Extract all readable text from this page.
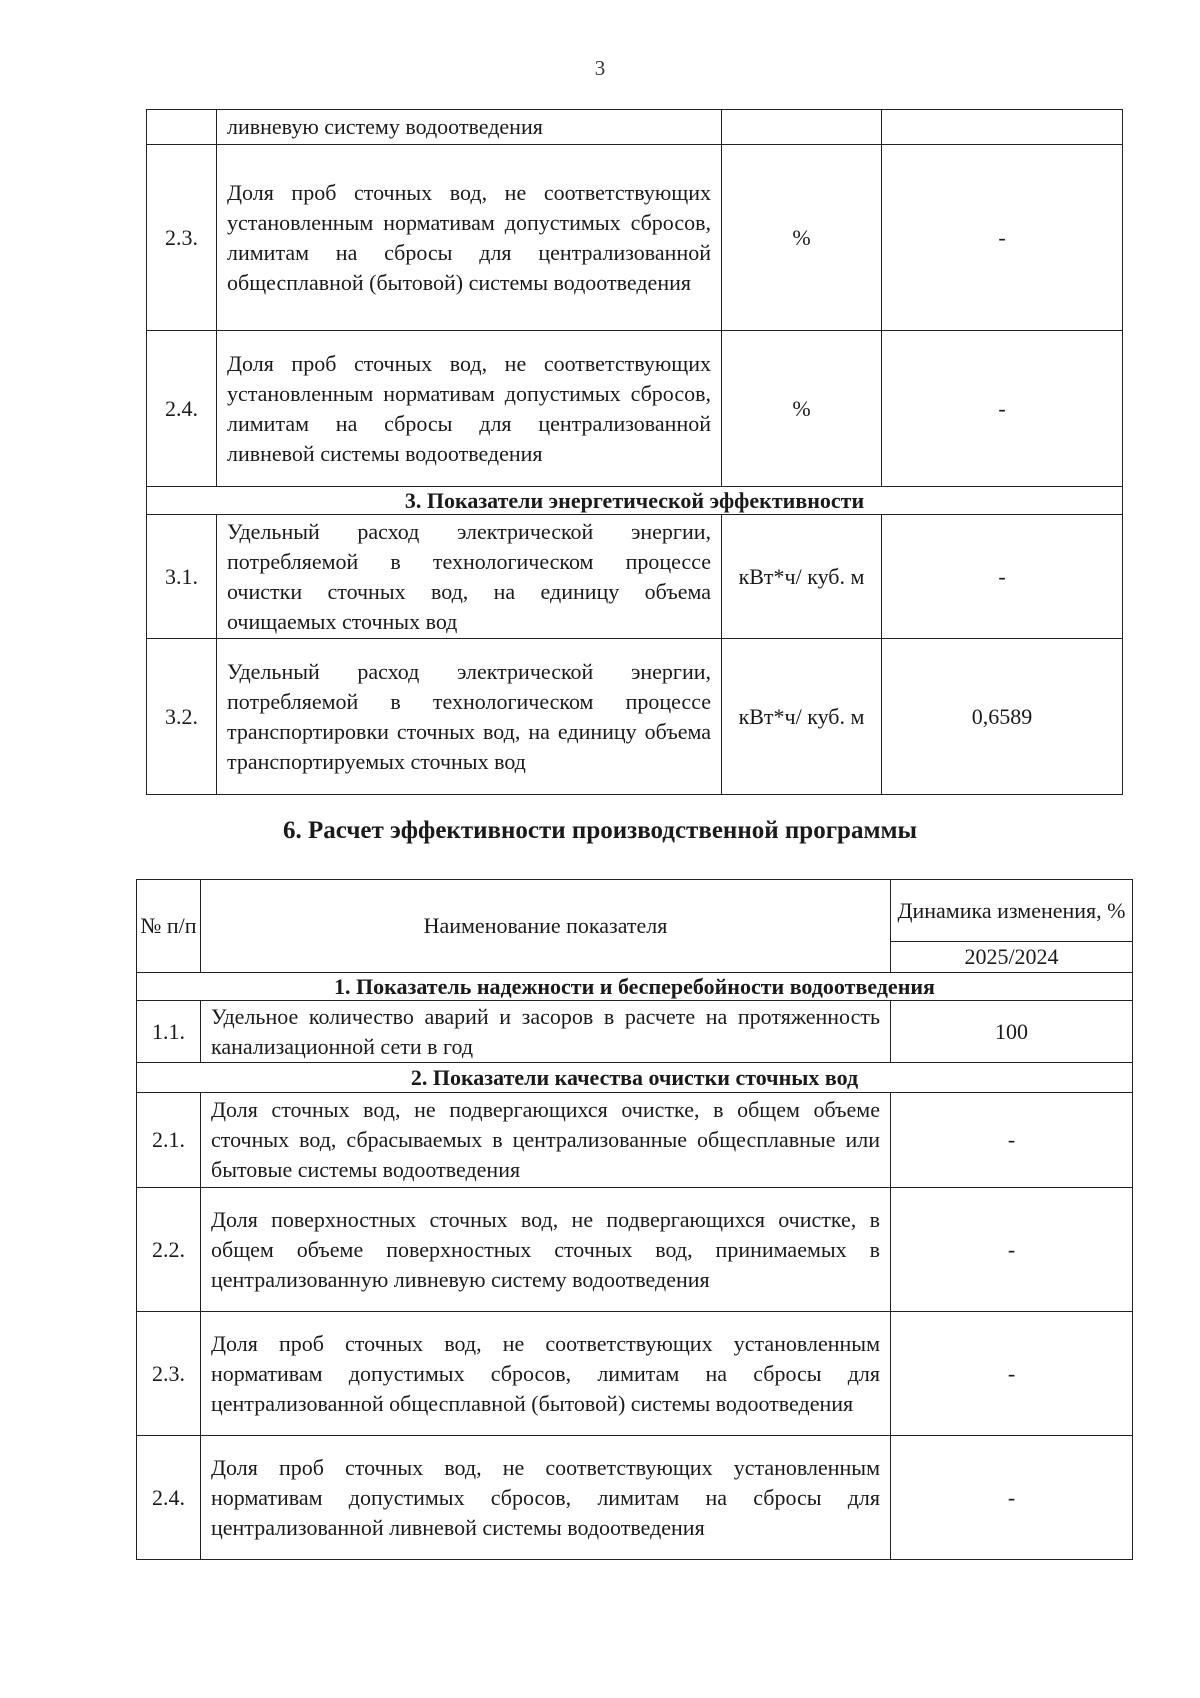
3
	ливневую систему водоотведения		
2.3.	Доля проб сточных вод, не соответствующих установленным нормативам допустимых сбросов, лимитам на сбросы для централизованной общесплавной (бытовой) системы водоотведения	%	-
2.4.	Доля проб сточных вод, не соответствующих установленным нормативам допустимых сбросов, лимитам на сбросы для централизованной ливневой системы водоотведения	%	-
3. Показатели энергетической эффективности			
3.1.	Удельный расход электрической энергии, потребляемой в технологическом процессе очистки сточных вод, на единицу объема очищаемых сточных вод	кВт*ч/ куб. м	-
3.2.	Удельный расход электрической энергии, потребляемой в технологическом процессе транспортировки сточных вод, на единицу объема транспортируемых сточных вод	кВт*ч/ куб. м	0,6589
6. Расчет эффективности производственной программы
№ п/п	Наименование показателя	Динамика изменения, %
		2025/2024
1. Показатель надежности и бесперебойности водоотведения		
1.1.	Удельное количество аварий и засоров в расчете на протяженность канализационной сети в год	100
2. Показатели качества очистки сточных вод		
2.1.	Доля сточных вод, не подвергающихся очистке, в общем объеме сточных вод, сбрасываемых в централизованные общесплавные или бытовые системы водоотведения	-
2.2.	Доля поверхностных сточных вод, не подвергающихся очистке, в общем объеме поверхностных сточных вод, принимаемых в централизованную ливневую систему водоотведения	-
2.3.	Доля проб сточных вод, не соответствующих установленным нормативам допустимых сбросов, лимитам на сбросы для централизованной общесплавной (бытовой) системы водоотведения	-
2.4.	Доля проб сточных вод, не соответствующих установленным нормативам допустимых сбросов, лимитам на сбросы для централизованной ливневой системы водоотведения	-
